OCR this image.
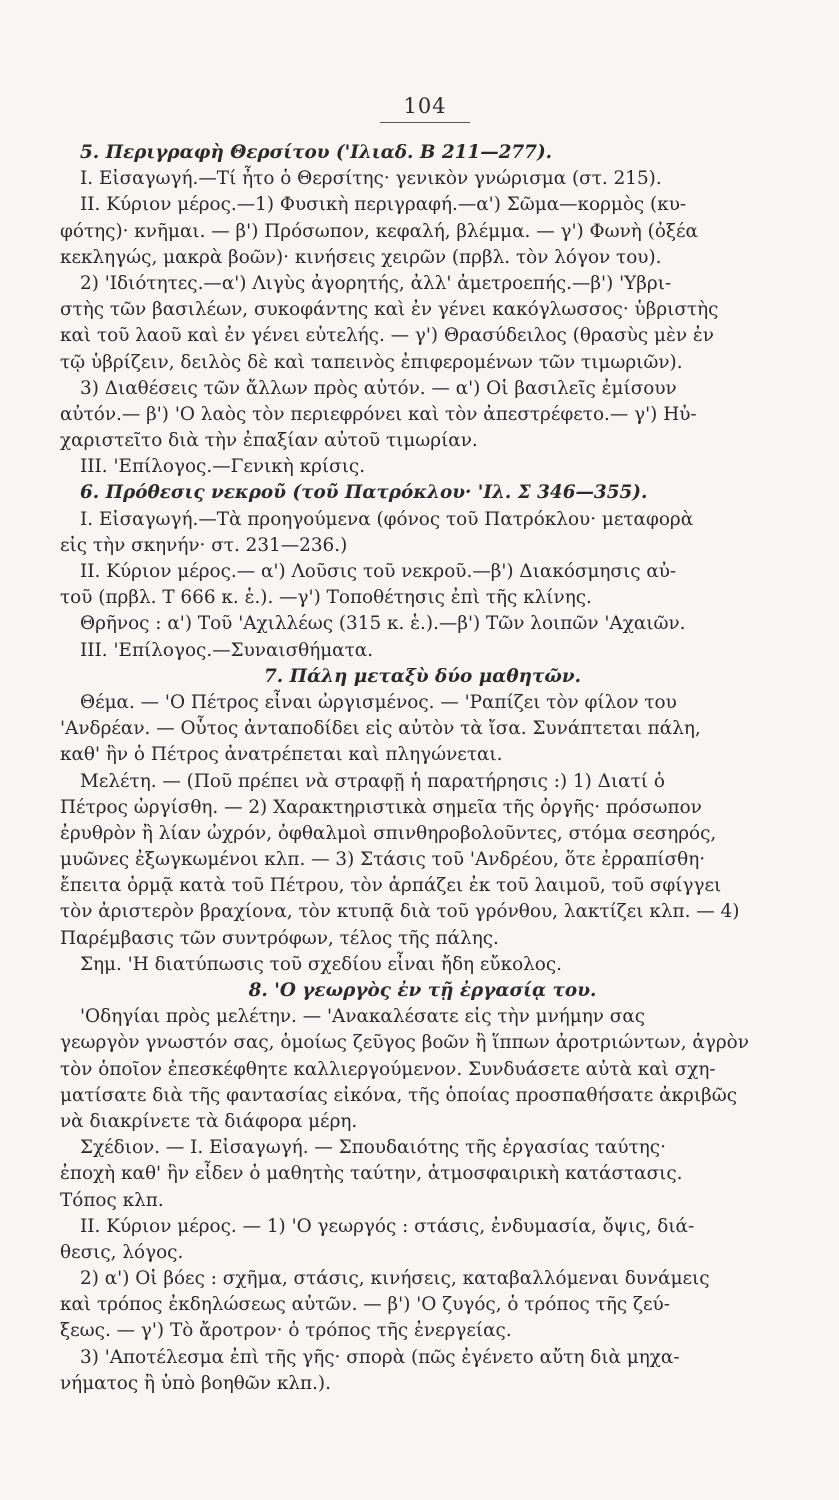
104
5. Περιγραφὴ Θερσίτου ('Ιλιαδ. Β 211—277).
I. Εἰσαγωγή.—Τί ἦτο ὁ Θερσίτης· γενικὸν γνώρισμα (στ. 215).
II. Κύριον μέρος.—1) Φυσικὴ περιγραφή.—α') Σῶμα—κορμὸς (κυ-
φότης)· κνῆμαι. — β') Πρόσωπον, κεφαλή, βλέμμα. — γ') Φωνὴ (ὀξέα
κεκληγώς, μακρὰ βοῶν)· κινήσεις χειρῶν (πρβλ. τὸν λόγον του).
2) 'Ιδιότητες.—α') Λιγὺς ἀγορητής, ἀλλ' ἀμετροεπής.—β') 'Υβρι-
στὴς τῶν βασιλέων, συκοφάντης καὶ ἐν γένει κακόγλωσσος· ὑβριστὴς
καὶ τοῦ λαοῦ καὶ ἐν γένει εὐτελής. — γ') Θρασύδειλος (θρασὺς μὲν ἐν
τῷ ὑβρίζειν, δειλὸς δὲ καὶ ταπεινὸς ἐπιφερομένων τῶν τιμωριῶν).
3) Διαθέσεις τῶν ἄλλων πρὸς αὐτόν. — α') Οἱ βασιλεῖς ἐμίσουν
αὐτόν.— β') 'Ο λαὸς τὸν περιεφρόνει καὶ τὸν ἀπεστρέφετο.— γ') Ηὐ-
χαριστεῖτο διὰ τὴν ἐπαξίαν αὐτοῦ τιμωρίαν.
III. 'Επίλογος.—Γενικὴ κρίσις.
6. Πρόθεσις νεκροῦ (τοῦ Πατρόκλου· 'Ιλ. Σ 346—355).
I. Εἰσαγωγή.—Τὰ προηγούμενα (φόνος τοῦ Πατρόκλου· μεταφορὰ
εἰς τὴν σκηνήν· στ. 231—236.)
II. Κύριον μέρος.— α') Λοῦσις τοῦ νεκροῦ.—β') Διακόσμησις αὐ-
τοῦ (πρβλ. Τ 666 κ. ἑ.). —γ') Τοποθέτησις ἐπὶ τῆς κλίνης.
Θρῆνος : α') Τοῦ 'Αχιλλέως (315 κ. ἑ.).—β') Τῶν λοιπῶν 'Αχαιῶν.
III. 'Επίλογος.—Συναισθήματα.
7. Πάλη μεταξὺ δύο μαθητῶν.
Θέμα. — 'Ο Πέτρος εἶναι ὠργισμένος. — 'Ραπίζει τὸν φίλον του
'Ανδρέαν. — Οὗτος ἀνταποδίδει εἰς αὐτὸν τὰ ἴσα. Συνάπτεται πάλη,
καθ' ἣν ὁ Πέτρος ἀνατρέπεται καὶ πληγώνεται.
Μελέτη. — (Ποῦ πρέπει νὰ στραφῇ ἡ παρατήρησις :) 1) Διατί ὁ
Πέτρος ὠργίσθη. — 2) Χαρακτηριστικὰ σημεῖα τῆς ὀργῆς· πρόσωπον
ἐρυθρὸν ἢ λίαν ὠχρόν, ὀφθαλμοὶ σπινθηροβολοῦντες, στόμα σεσηρός,
μυῶνες ἐξωγκωμένοι κλπ. — 3) Στάσις τοῦ 'Ανδρέου, ὅτε ἐρραπίσθη·
ἔπειτα ὁρμᾷ κατὰ τοῦ Πέτρου, τὸν ἁρπάζει ἐκ τοῦ λαιμοῦ, τοῦ σφίγγει
τὸν ἀριστερὸν βραχίονα, τὸν κτυπᾷ διὰ τοῦ γρόνθου, λακτίζει κλπ. — 4)
Παρέμβασις τῶν συντρόφων, τέλος τῆς πάλης.
Σημ. 'Η διατύπωσις τοῦ σχεδίου εἶναι ἤδη εὔκολος.
8. 'Ο γεωργὸς ἐν τῇ ἐργασίᾳ του.
'Οδηγίαι πρὸς μελέτην. — 'Ανακαλέσατε εἰς τὴν μνήμην σας
γεωργὸν γνωστόν σας, ὁμοίως ζεῦγος βοῶν ἢ ἵππων ἀροτριώντων, ἀγρὸν
τὸν ὁποῖον ἐπεσκέφθητε καλλιεργούμενον. Συνδυάσετε αὐτὰ καὶ σχη-
ματίσατε διὰ τῆς φαντασίας εἰκόνα, τῆς ὁποίας προσπαθήσατε ἀκριβῶς
νὰ διακρίνετε τὰ διάφορα μέρη.
Σχέδιον. — I. Εἰσαγωγή. — Σπουδαιότης τῆς ἐργασίας ταύτης·
ἐποχὴ καθ' ἣν εἶδεν ὁ μαθητὴς ταύτην, ἀτμοσφαιρικὴ κατάστασις.
Τόπος κλπ.
II. Κύριον μέρος. — 1) 'Ο γεωργός : στάσις, ἐνδυμασία, ὄψις, διά-
θεσις, λόγος.
2) α') Οἱ βόες : σχῆμα, στάσις, κινήσεις, καταβαλλόμεναι δυνάμεις
καὶ τρόπος ἐκδηλώσεως αὐτῶν. — β') 'Ο ζυγός, ὁ τρόπος τῆς ζεύ-
ξεως. — γ') Τὸ ἄροτρον· ὁ τρόπος τῆς ἐνεργείας.
3) 'Αποτέλεσμα ἐπὶ τῆς γῆς· σπορὰ (πῶς ἐγένετο αὔτη διὰ μηχα-
νήματος ἢ ὑπὸ βοηθῶν κλπ.).
